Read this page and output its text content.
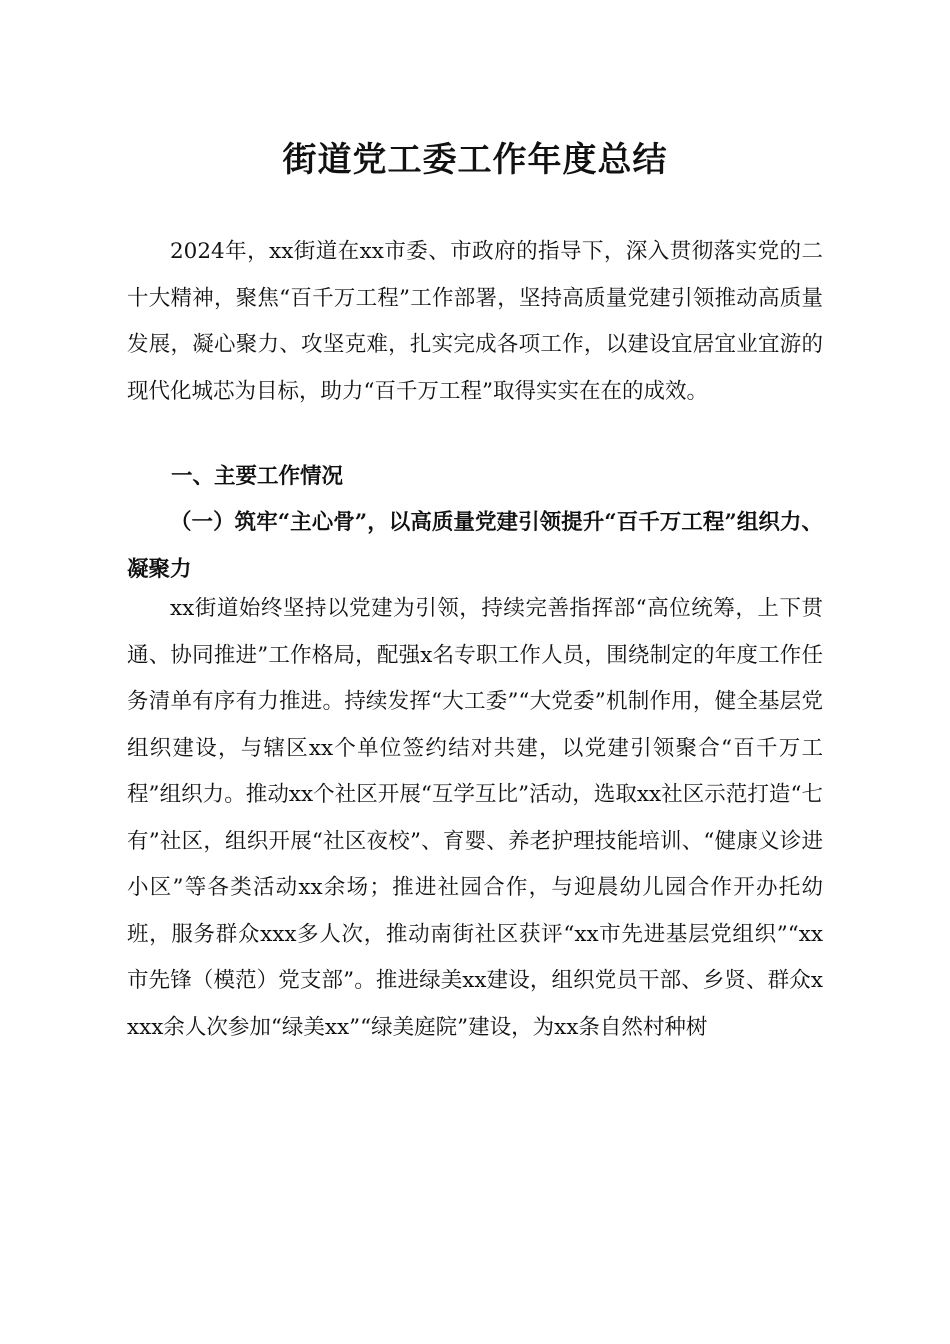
街道党工委工作年度总结

2024年，xx街道在xx市委、市政府的指导下，深入贯彻落实党的二十大精神，聚焦“百千万工程”工作部署，坚持高质量党建引领推动高质量发展，凝心聚力、攻坚克难，扎实完成各项工作，以建设宜居宜业宜游的现代化城芯为目标，助力“百千万工程”取得实实在在的成效。

一、主要工作情况

（一）筑牢“主心骨”，以高质量党建引领提升“百千万工程”组织力、凝聚力

xx街道始终坚持以党建为引领，持续完善指挥部“高位统筹，上下贯通、协同推进”工作格局，配强x名专职工作人员，围绕制定的年度工作任务清单有序有力推进。持续发挥“大工委”“大党委”机制作用，健全基层党组织建设，与辖区xx个单位签约结对共建，以党建引领聚合“百千万工程”组织力。推动xx个社区开展“互学互比”活动，选取xx社区示范打造“七有”社区，组织开展“社区夜校”、育婴、养老护理技能培训、“健康义诊进小区”等各类活动xx余场；推进社园合作，与迎晨幼儿园合作开办托幼班，服务群众xxx多人次，推动南街社区获评“xx市先进基层党组织”“xx市先锋（模范）党支部”。推进绿美xx建设，组织党员干部、乡贤、群众xxxx余人次参加“绿美xx”“绿美庭院”建设，为xx条自然村种树
